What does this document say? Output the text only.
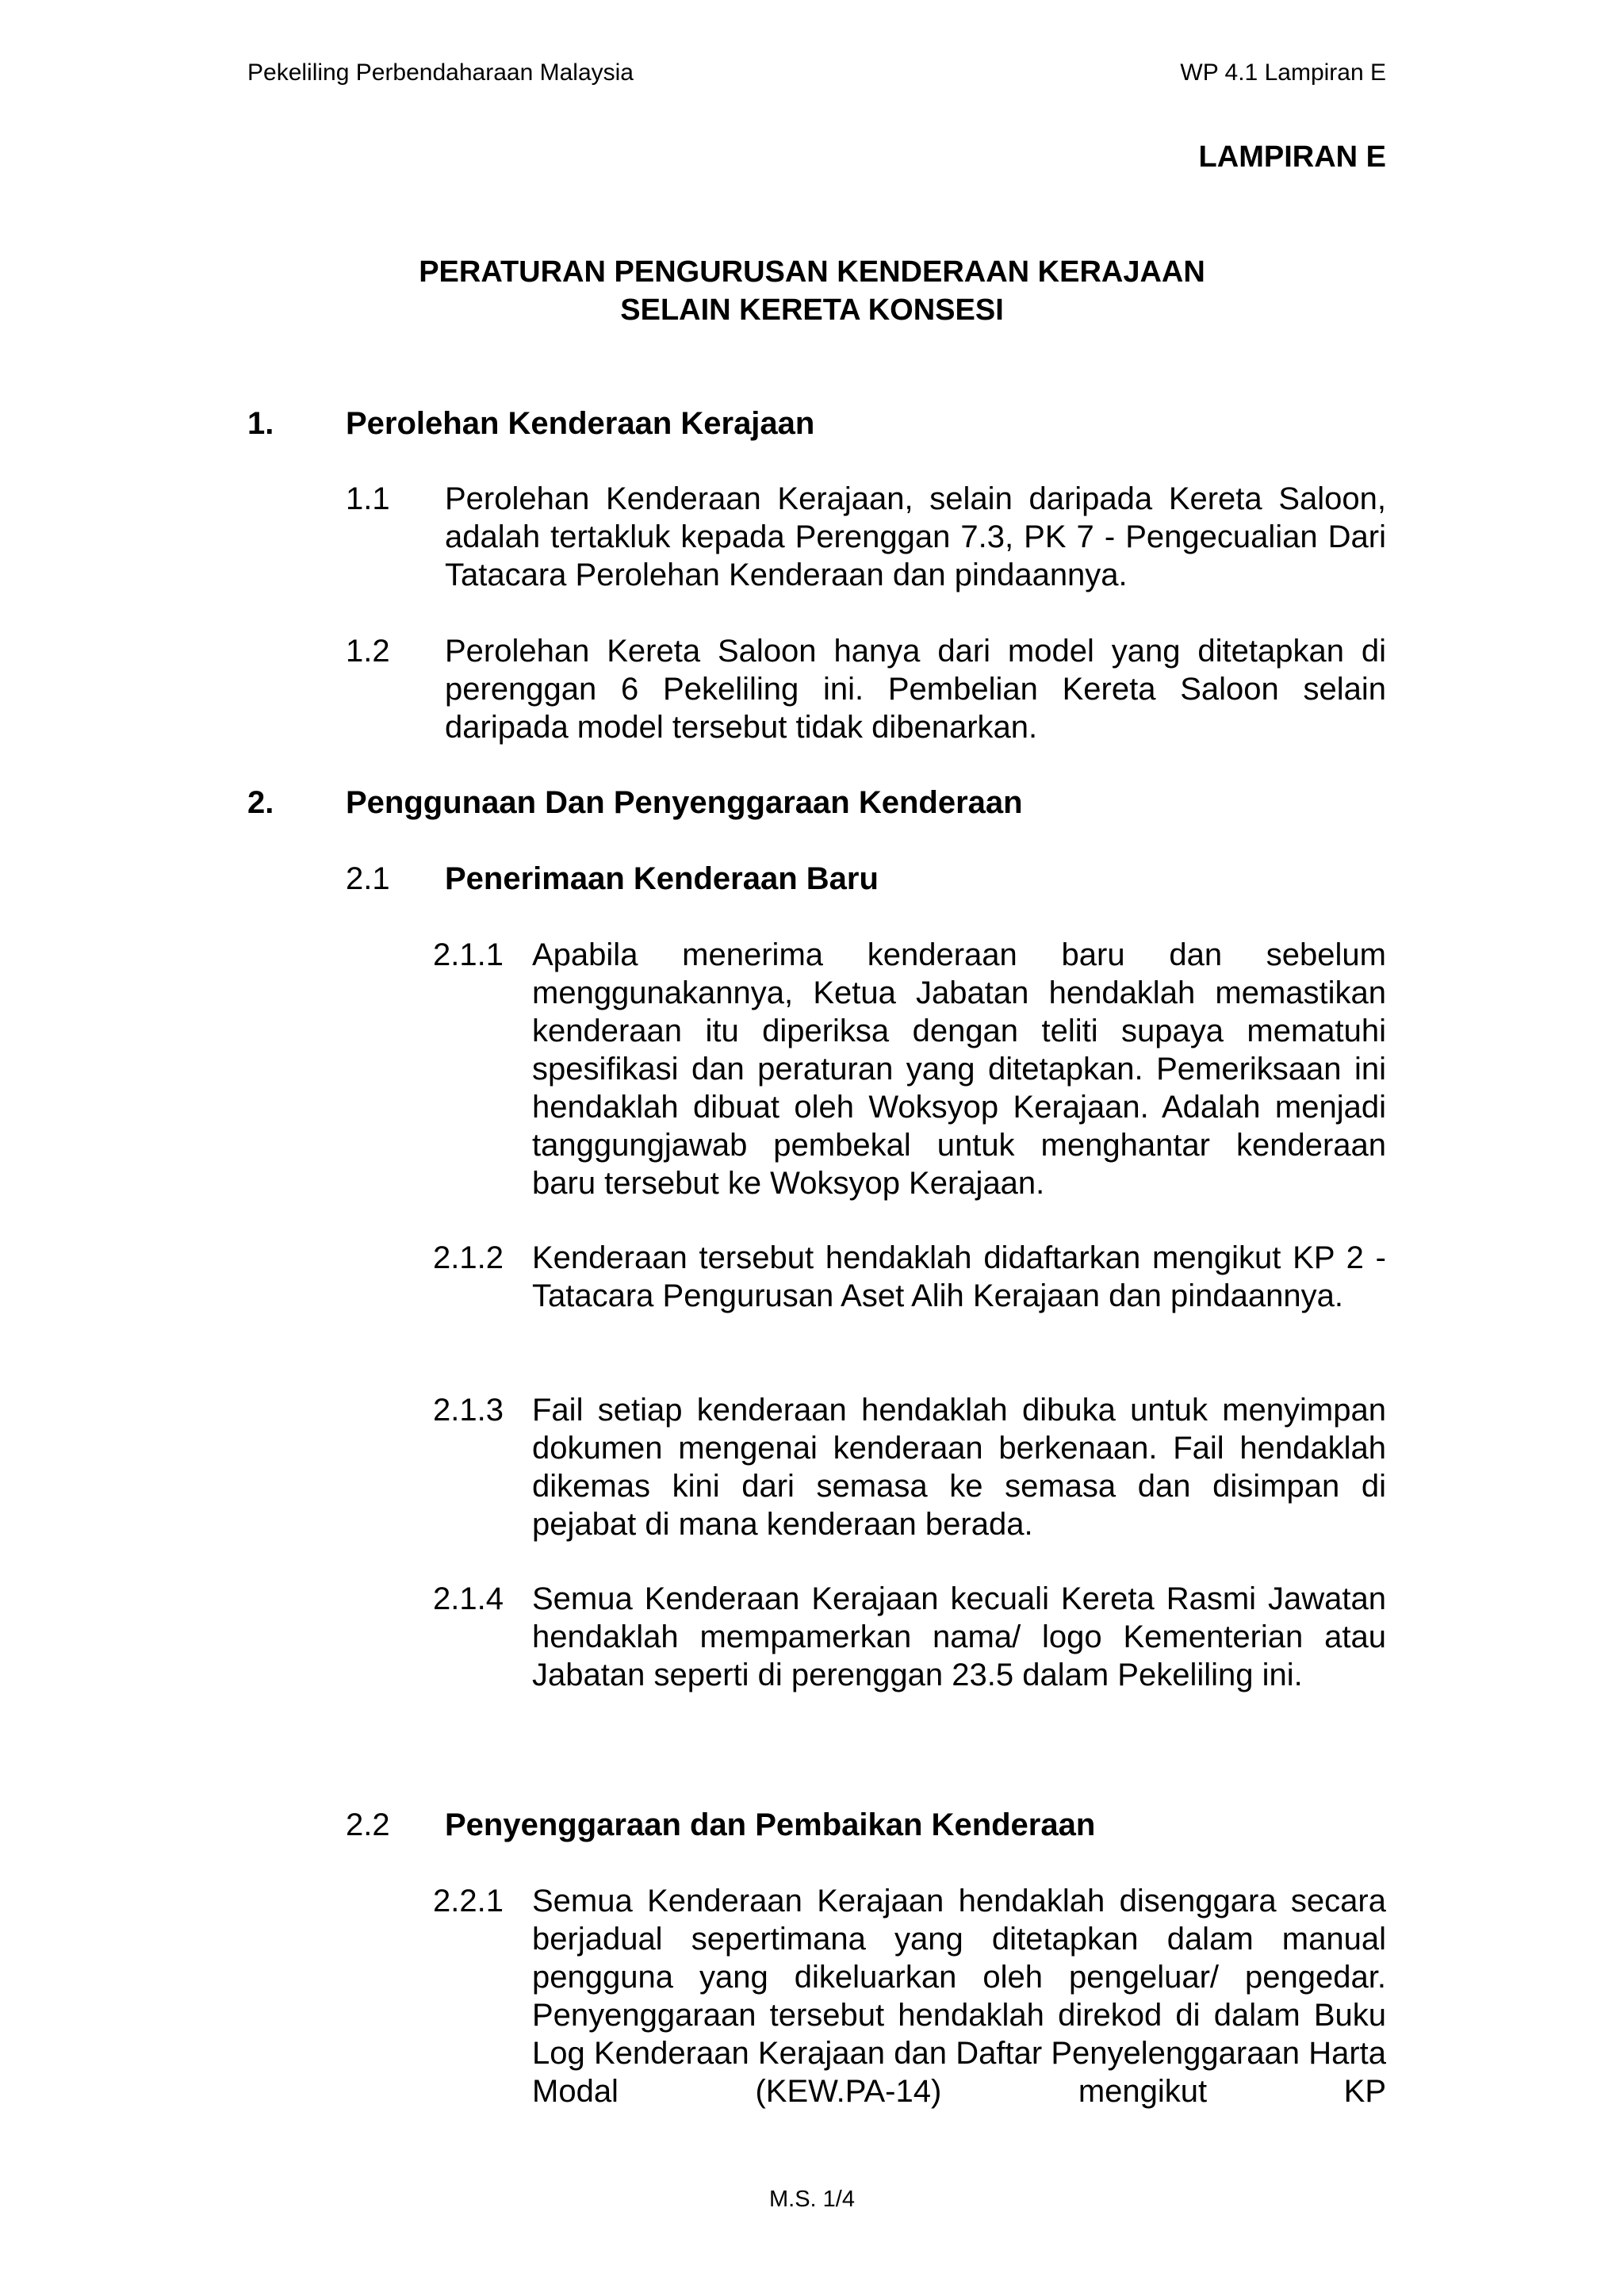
Pekeliling Perbendaharaan Malaysia	WP 4.1 Lampiran E
LAMPIRAN E
PERATURAN PENGURUSAN KENDERAAN KERAJAAN
SELAIN KERETA KONSESI
1. Perolehan Kenderaan Kerajaan
1.1 Perolehan Kenderaan Kerajaan, selain daripada Kereta Saloon, adalah tertakluk kepada Perenggan 7.3, PK 7 - Pengecualian Dari Tatacara Perolehan Kenderaan dan pindaannya.
1.2 Perolehan Kereta Saloon hanya dari model yang ditetapkan di perenggan 6 Pekeliling ini. Pembelian Kereta Saloon selain daripada model tersebut tidak dibenarkan.
2. Penggunaan Dan Penyenggaraan Kenderaan
2.1 Penerimaan Kenderaan Baru
2.1.1 Apabila menerima kenderaan baru dan sebelum menggunakannya, Ketua Jabatan hendaklah memastikan kenderaan itu diperiksa dengan teliti supaya mematuhi spesifikasi dan peraturan yang ditetapkan. Pemeriksaan ini hendaklah dibuat oleh Woksyop Kerajaan. Adalah menjadi tanggungjawab pembekal untuk menghantar kenderaan baru tersebut ke Woksyop Kerajaan.
2.1.2 Kenderaan tersebut hendaklah didaftarkan mengikut KP 2 - Tatacara Pengurusan Aset Alih Kerajaan dan pindaannya.
2.1.3 Fail setiap kenderaan hendaklah dibuka untuk menyimpan dokumen mengenai kenderaan berkenaan. Fail hendaklah dikemas kini dari semasa ke semasa dan disimpan di pejabat di mana kenderaan berada.
2.1.4 Semua Kenderaan Kerajaan kecuali Kereta Rasmi Jawatan hendaklah mempamerkan nama/ logo Kementerian atau Jabatan seperti di perenggan 23.5 dalam Pekeliling ini.
2.2 Penyenggaraan dan Pembaikan Kenderaan
2.2.1 Semua Kenderaan Kerajaan hendaklah disenggara secara berjadual sepertimana yang ditetapkan dalam manual pengguna yang dikeluarkan oleh pengeluar/ pengedar. Penyenggaraan tersebut hendaklah direkod di dalam Buku Log Kenderaan Kerajaan dan Daftar Penyelenggaraan Harta Modal (KEW.PA-14) mengikut KP
M.S. 1/4
